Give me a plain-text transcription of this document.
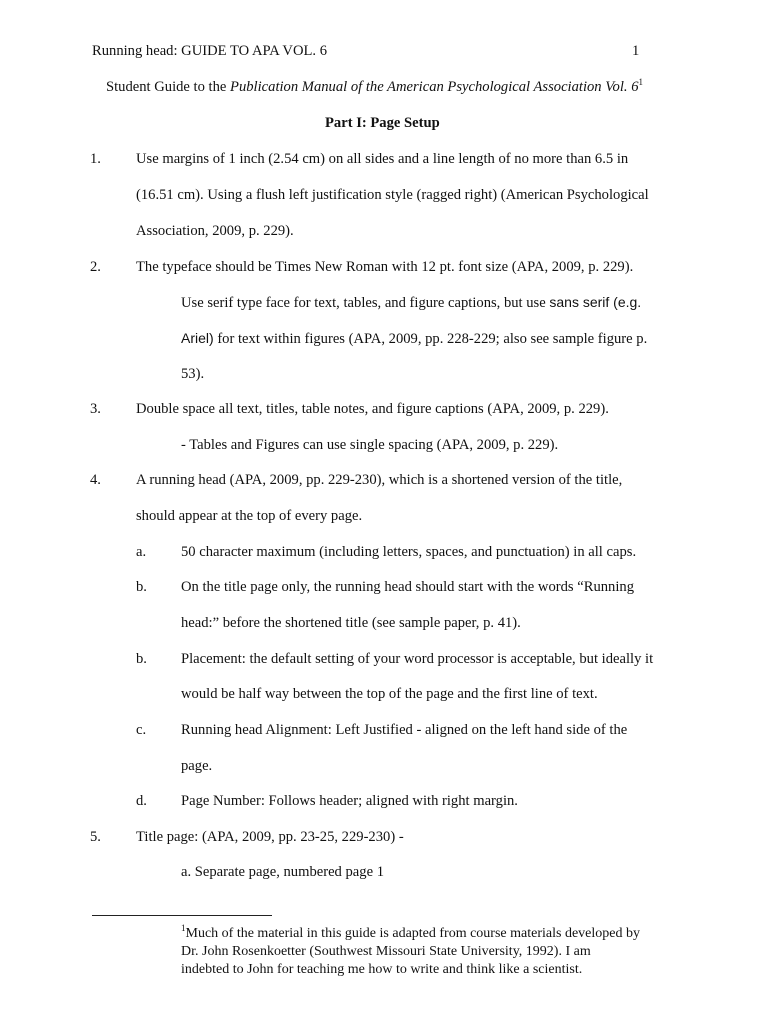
Running head: GUIDE TO APA VOL. 6	1
Student Guide to the Publication Manual of the American Psychological Association Vol. $6^1$
Part I: Page Setup
1. Use margins of 1 inch (2.54 cm) on all sides and a line length of no more than 6.5 in
(16.51 cm). Using a flush left justification style (ragged right) (American Psychological
Association, 2009, p. 229).
2. The typeface should be Times New Roman with 12 pt. font size (APA, 2009, p. 229).
Use serif type face for text, tables, and figure captions, but use sans serif (e.g.
Ariel) for text within figures (APA, 2009, pp. 228-229; also see sample figure p.
53).
3. Double space all text, titles, table notes, and figure captions (APA, 2009, p. 229).
- Tables and Figures can use single spacing (APA, 2009, p. 229).
4. A running head (APA, 2009, pp. 229-230), which is a shortened version of the title,
should appear at the top of every page.
a. 50 character maximum (including letters, spaces, and punctuation) in all caps.
b. On the title page only, the running head should start with the words “Running
head:” before the shortened title (see sample paper, p. 41).
b. Placement: the default setting of your word processor is acceptable, but ideally it
would be half way between the top of the page and the first line of text.
c. Running head Alignment: Left Justified - aligned on the left hand side of the
page.
d. Page Number: Follows header; aligned with right margin.
5. Title page: (APA, 2009, pp. 23-25, 229-230) -
a. Separate page, numbered page 1
$^1$Much of the material in this guide is adapted from course materials developed by
Dr. John Rosenkoetter (Southwest Missouri State University, 1992). I am
indebted to John for teaching me how to write and think like a scientist.
